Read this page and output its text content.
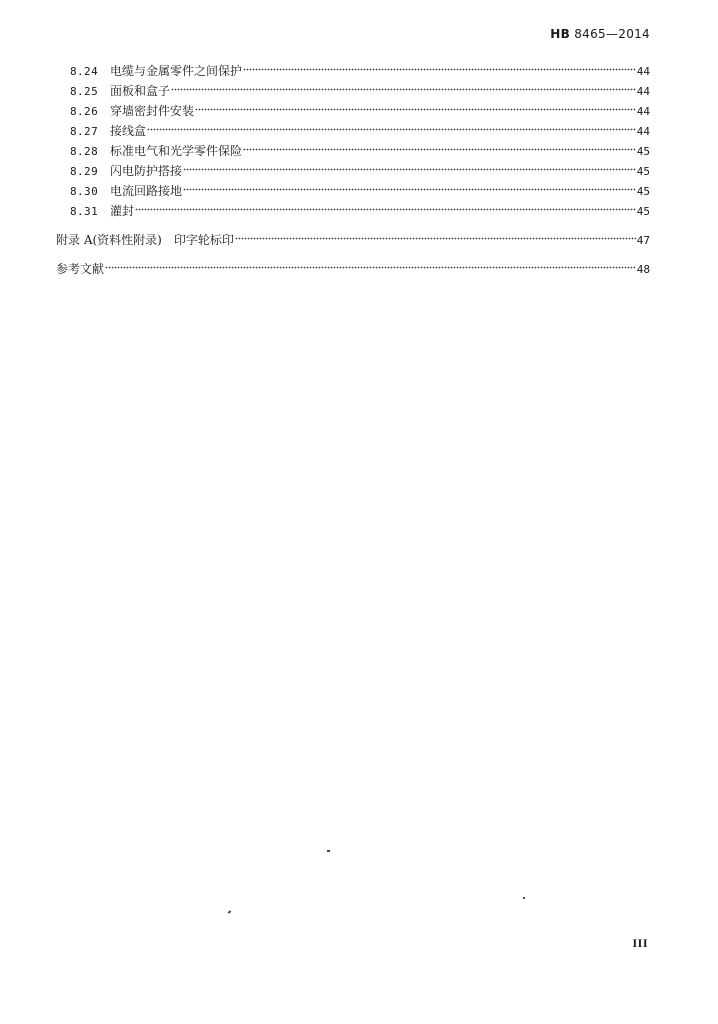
HB 8465—2014
8.24 电缆与金属零件之间保护	44
8.25 面板和盒子	44
8.26 穿墙密封件安装	44
8.27 接线盒	44
8.28 标准电气和光学零件保险	45
8.29 闪电防护搭接	45
8.30 电流回路接地	45
8.31 灌封	45
附录 A(资料性附录)　印字轮标印	47
参考文献	48
III
